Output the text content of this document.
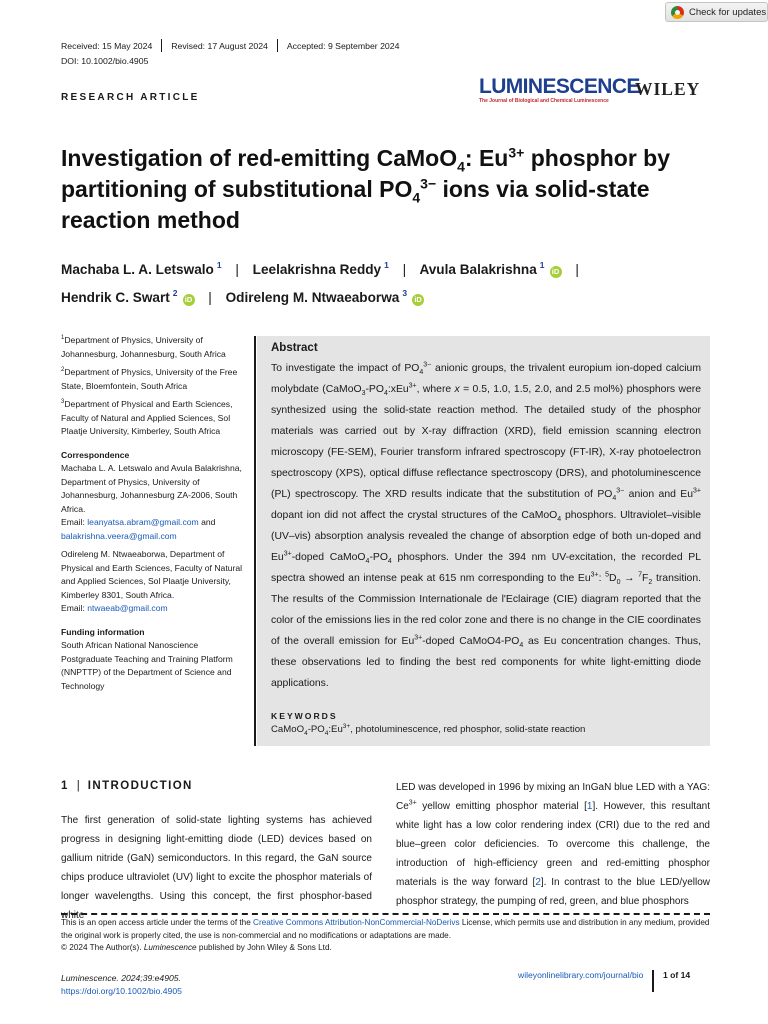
Check for updates
Received: 15 May 2024 Revised: 17 August 2024 Accepted: 9 September 2024
DOI: 10.1002/bio.4905
LUMINESCENCE
The Journal of Biological and Chemical Luminescence
WILEY
RESEARCH ARTICLE
Investigation of red-emitting CaMoO$_4$: $Eu^{3+}$ phosphor by partitioning of substitutional $PO_4^{3-}$ ions via solid-state reaction method
Machaba L. A. Letswalo $^1$ | Leelakrishna Reddy $^1$ | Avula Balakrishna $^1$iD |
Hendrik C. Swart $^2$iD | Odireleng M. Ntwaeaborwa $^3$iD

$^1$Department of Physics, University of Johannesburg, Johannesburg, South Africa

$^2$Department of Physics, University of the Free State, Bloemfontein, South Africa

$^3$Department of Physical and Earth Sciences, Faculty of Natural and Applied Sciences, Sol Plaatje University, Kimberley, South Africa

Correspondence

Machaba L. A. Letswalo and Avula Balakrishna, Department of Physics, University of Johannesburg, Johannesburg ZA-2006, South Africa.
Email: leanyatsa.abram@gmail.com and balakrishna.veera@gmail.com

Odireleng M. Ntwaeaborwa, Department of Physical and Earth Sciences, Faculty of Natural and Applied Sciences, Sol Plaatje University, Kimberley 8301, South Africa.
Email: ntwaeab@gmail.com

Funding information

South African National Nanoscience Postgraduate Teaching and Training Platform (NNPTTP) of the Department of Science and Technology

Abstract

To investigate the impact of $PO_4^{3-}$ anionic groups, the trivalent europium ion-doped calcium molybdate ($CaMoO_3-PO_4:xEu^{3+}$, where x = 0.5, 1.0, 1.5, 2.0, and 2.5 mol%) phosphors were synthesized using the solid-state reaction method. The detailed study of the phosphor materials was carried out by X-ray diffraction (XRD), field emission scanning electron microscopy (FE-SEM), Fourier transform infrared spectroscopy (FT-IR), X-ray photoelectron spectroscopy (XPS), optical diffuse reflectance spectroscopy (DRS), and photoluminescence (PL) spectroscopy. The XRD results indicate that the substitution of $PO_4^{3-}$ anion and $Eu^{3+}$ dopant ion did not affect the crystal structures of the CaMoO$_4$ phosphors. Ultraviolet–visible (UV–vis) absorption analysis revealed the change of absorption edge of both un-doped and $Eu^{3+}$-doped $CaMoO_4-PO_4$ phosphors. Under the 394 nm UV-excitation, the recorded PL spectra showed an intense peak at 615 nm corresponding to the $Eu^{3+}$: $^5D_0 \to ^7F_2$ transition. The results of the Commission Internationale de l'Eclairage (CIE) diagram reported that the color of the emissions lies in the red color zone and there is no change in the CIE coordinates of the overall emission for $Eu^{3+}$-doped $CaMoO4-PO_4$ as Eu concentration changes. Thus, these observations led to finding the best red components for white light-emitting diode applications.

KEYWORDS
$CaMoO_4-PO_4:Eu^{3+}$, photoluminescence, red phosphor, solid-state reaction
1 | INTRODUCTION

The first generation of solid-state lighting systems has achieved progress in designing light-emitting diode (LED) devices based on gallium nitride (GaN) semiconductors. In this regard, the GaN source chips produce ultraviolet (UV) light to excite the phosphor materials of longer wavelengths. Using this concept, the first phosphor-based white

LED was developed in 1996 by mixing an InGaN blue LED with a YAG: $Ce^{3+}$ yellow emitting phosphor material [1]. However, this resultant white light has a low color rendering index (CRI) due to the red and blue–green color deficiencies. To overcome this challenge, the introduction of high-efficiency green and red-emitting phosphor materials is the way forward [2]. In contrast to the blue LED/yellow phosphor strategy, the pumping of red, green, and blue phosphors

This is an open access article under the terms of the Creative Commons Attribution-NonCommercial-NoDerivs License, which permits use and distribution in any medium, provided the original work is properly cited, the use is non-commercial and no modifications or adaptations are made.
© 2024 The Author(s). Luminescence published by John Wiley & Sons Ltd.
Luminescence. 2024;39:e4905.
https://doi.org/10.1002/bio.4905
wileyonlinelibrary.com/journal/bio 1 of 14
